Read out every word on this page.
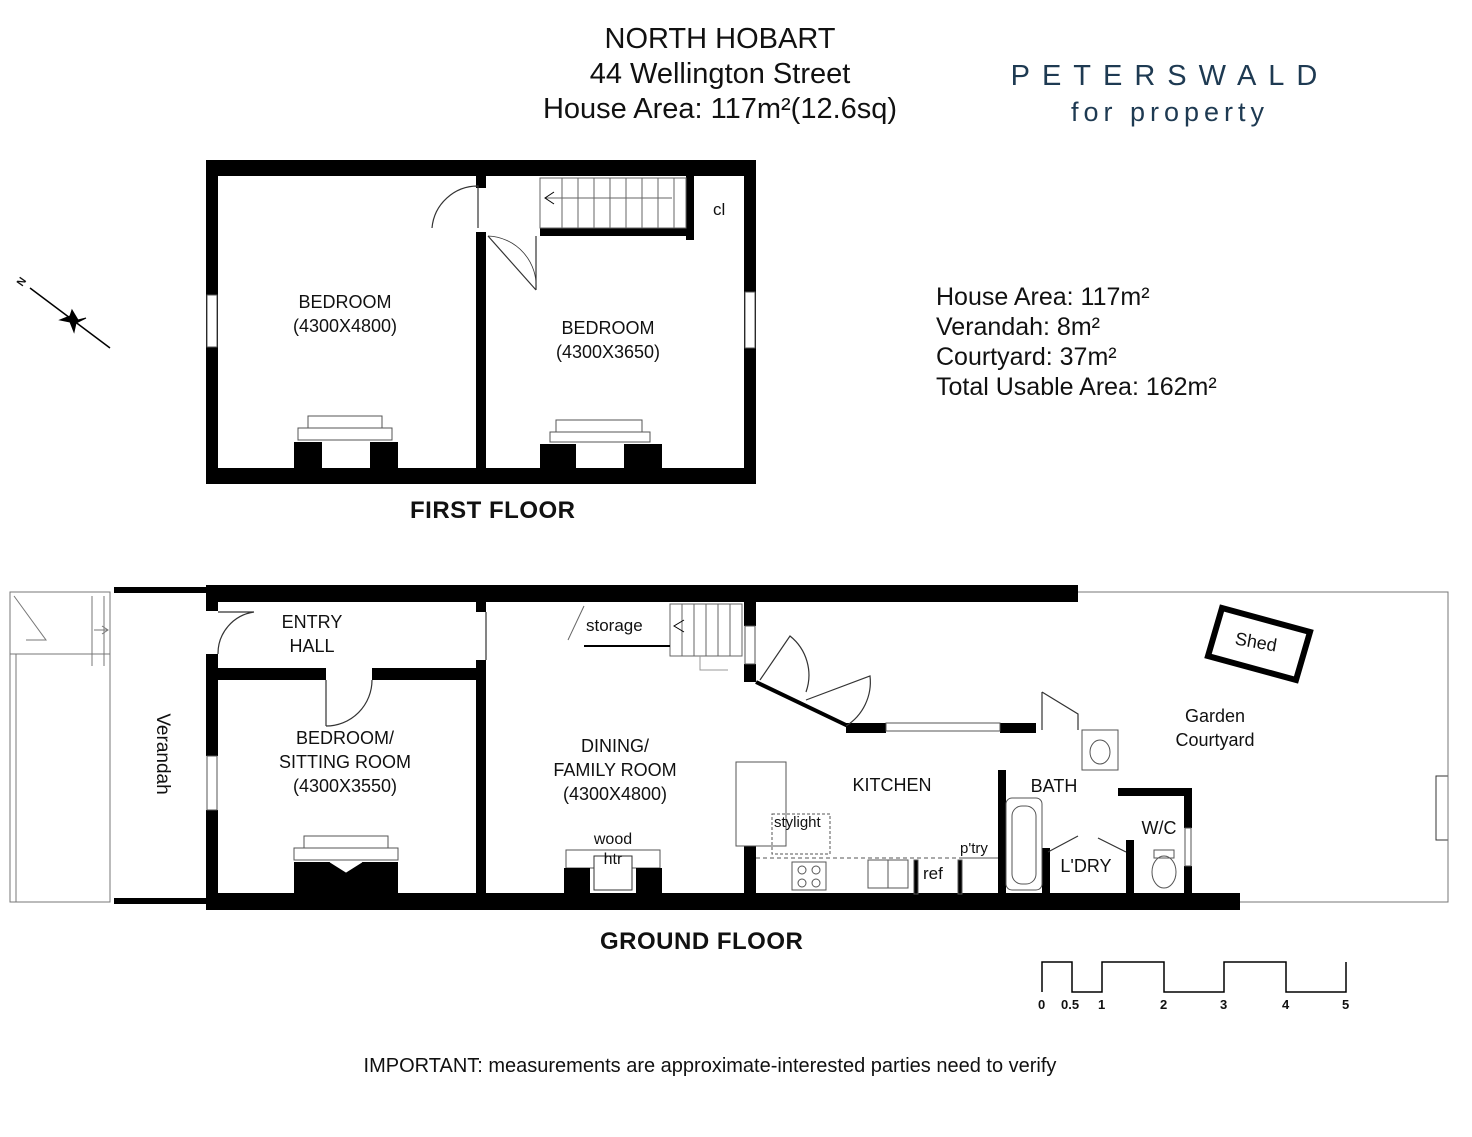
NORTH HOBART
44 Wellington Street
House Area: 117m²(12.6sq)
PETERSWALD
for property
House Area: 117m²
Verandah: 8m²
Courtyard: 37m²
Total Usable Area: 162m²
BEDROOM
(4300X4800)	BEDROOM
(4300X3650)
cl
FIRST FLOOR
N
ENTRY
HALL
BEDROOM/
SITTING ROOM
(4300X3550)
DINING/
FAMILY ROOM
(4300X4800)	KITCHEN	BATH
W/C
L'DRY
p'try
ref
stylight
storage
wood
htr
Verandah
Shed
Garden
Courtyard
GROUND FLOOR
0 0.5 1	2	3	4	5
IMPORTANT: measurements are approximate-interested parties need to verify
